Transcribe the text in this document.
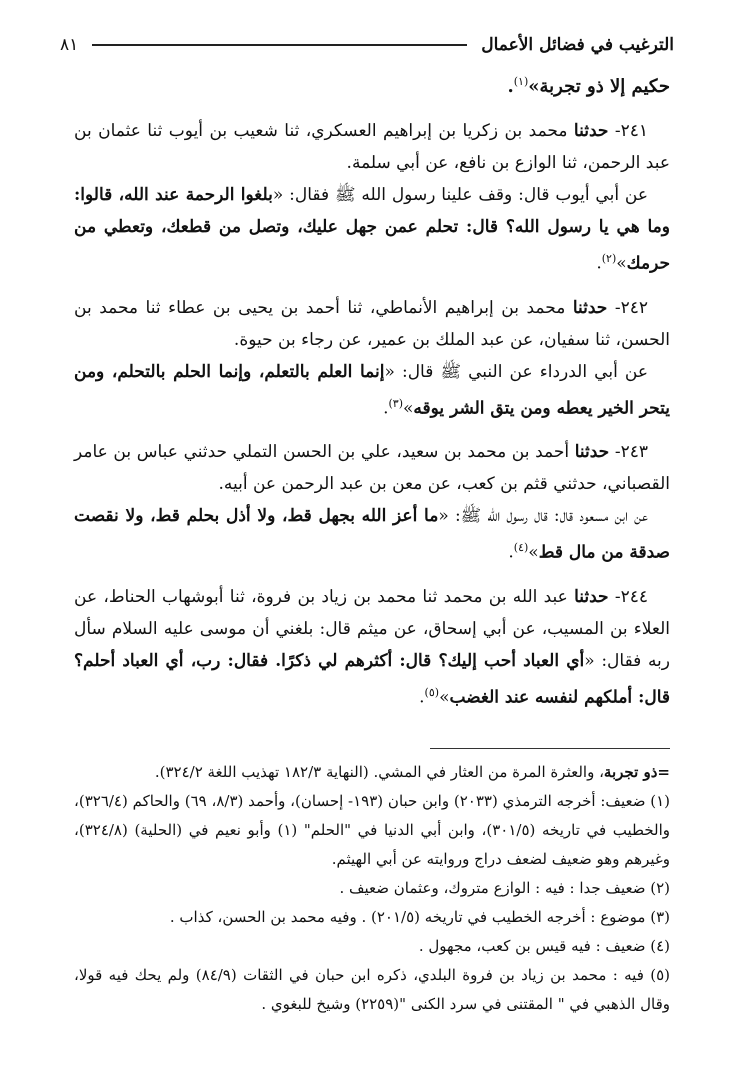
الترغيب في فضائل الأعمال
٨١

حكيم إلا ذو تجربة»$^{(١)}$.

٢٤١- حدثنا محمد بن زكريا بن إبراهيم العسكري، ثنا شعيب بن أيوب ثنا عثمان بن عبد الرحمن، ثنا الوازع بن نافع، عن أبي سلمة.

عن أبي أيوب قال: وقف علينا رسول الله ﷺ فقال: «بلغوا الرحمة عند الله، قالوا: وما هي يا رسول الله؟ قال: تحلم عمن جهل عليك، وتصل من قطعك، وتعطي من حرمك»$^{(٢)}$.

٢٤٢- حدثنا محمد بن إبراهيم الأنماطي، ثنا أحمد بن يحيى بن عطاء ثنا محمد بن الحسن، ثنا سفيان، عن عبد الملك بن عمير، عن رجاء بن حيوة.

عن أبي الدرداء عن النبي ﷺ قال: «إنما العلم بالتعلم، وإنما الحلم بالتحلم، ومن يتحر الخير يعطه ومن يتق الشر يوقه»$^{(٣)}$.

٢٤٣- حدثنا أحمد بن محمد بن سعيد، علي بن الحسن التملي حدثني عباس بن عامر القصباني، حدثني قثم بن كعب، عن معن بن عبد الرحمن عن أبيه.

عن ابن مسعود قال: قال رسول الله ﷺ: «ما أعز الله بجهل قط، ولا أذل بحلم قط، ولا نقصت صدقة من مال قط»$^{(٤)}$.

٢٤٤- حدثنا عبد الله بن محمد ثنا محمد بن زياد بن فروة، ثنا أبوشهاب الحناط، عن العلاء بن المسيب، عن أبي إسحاق، عن ميثم قال: بلغني أن موسى عليه السلام سأل ربه فقال: «أي العباد أحب إليك؟ قال: أكثرهم لي ذكرًا. فقال: رب، أي العباد أحلم؟ قال: أملكهم لنفسه عند الغضب»$^{(٥)}$.

=ذو تجربة، والعثرة المرة من العثار في المشي. (النهاية ١٨٢/٣ تهذيب اللغة ٣٢٤/٢).

(١) ضعيف: أخرجه الترمذي (٢٠٣٣) وابن حبان (١٩٣- إحسان)، وأحمد (٨/٣، ٦٩) والحاكم (٣٢٦/٤)، والخطيب في تاريخه (٣٠١/٥)، وابن أبي الدنيا في "الحلم" (١) وأبو نعيم في (الحلية) (٣٢٤/٨)، وغيرهم وهو ضعيف لضعف دراج وروايته عن أبي الهيثم.

(٢) ضعيف جدا : فيه : الوازع متروك، وعثمان ضعيف .

(٣) موضوع : أخرجه الخطيب في تاريخه (٢٠١/٥) . وفيه محمد بن الحسن، كذاب .

(٤) ضعيف : فيه قيس بن كعب، مجهول .

(٥) فيه : محمد بن زياد بن فروة البلدي، ذكره ابن حبان في الثقات (٨٤/٩) ولم يحك فيه قولا، وقال الذهبي في " المقتنى في سرد الكنى "(٢٢٥٩) وشيخ للبغوي .
